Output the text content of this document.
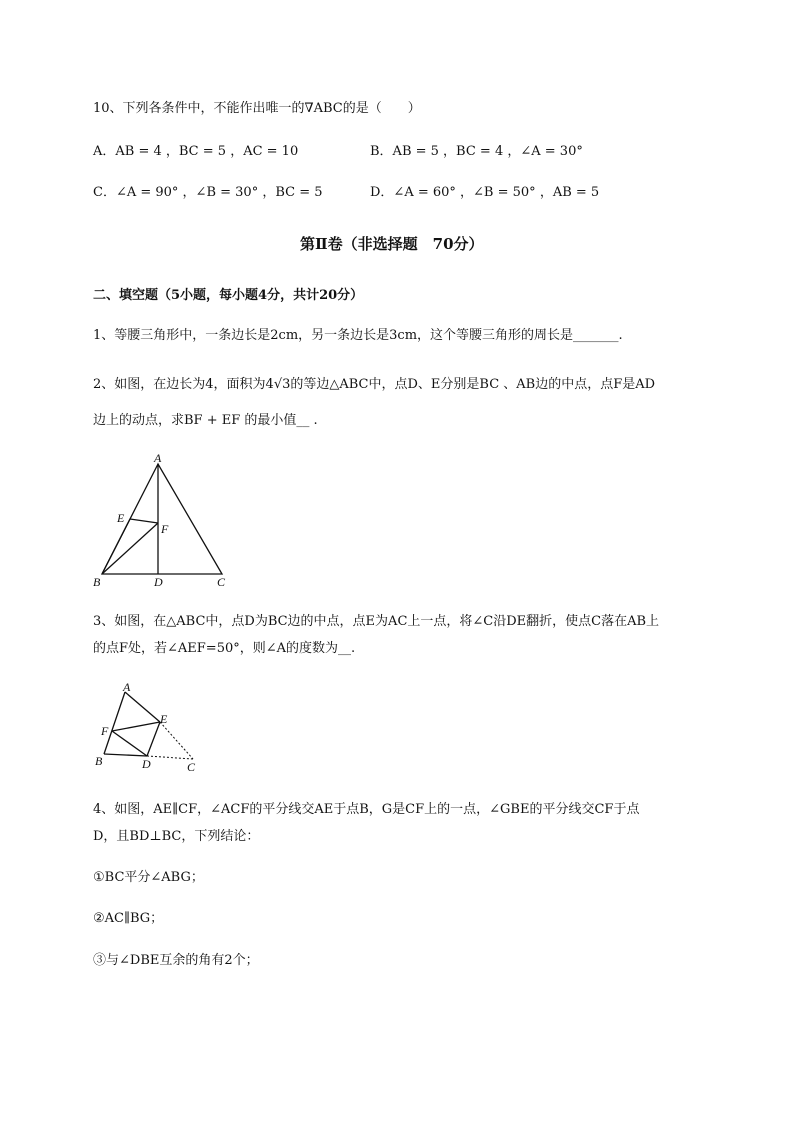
10、下列各条件中，不能作出唯一的∇ABC的是（　　）
A．AB = 4 ，BC = 5 ，AC = 10	B．AB = 5 ，BC = 4 ，∠A = 30°
C．∠A = 90° ，∠B = 30° ，BC = 5	D．∠A = 60° ，∠B = 50° ，AB = 5
第Ⅱ卷（非选择题　70分）
二、填空题（5小题，每小题4分，共计20分）
1、等腰三角形中，一条边长是2cm，另一条边长是3cm，这个等腰三角形的周长是_______.
2、如图，在边长为4，面积为4√3的等边△ABC中，点D、E分别是BC 、AB边的中点，点F是AD
边上的动点，求BF + EF 的最小值__ .
A
E
F
B	D	C
3、如图，在△ABC中，点D为BC边的中点，点E为AC上一点，将∠C沿DE翻折，使点C落在AB上
的点F处，若∠AEF=50°，则∠A的度数为__.
A
E
F
B	D	C
4、如图，AE∥CF，∠ACF的平分线交AE于点B，G是CF上的一点，∠GBE的平分线交CF于点
D，且BD⊥BC，下列结论：
①BC平分∠ABG；
②AC∥BG；
③与∠DBE互余的角有2个；
